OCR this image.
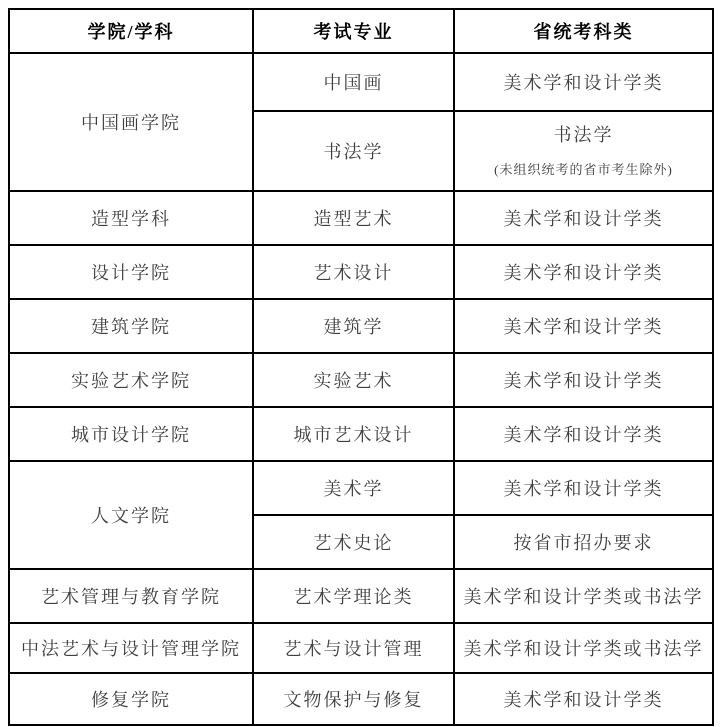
学院/学科	考试专业	省统考科类
中国画学院	中国画	美术学和设计学类
	书法学	书法学
(未组织统考的省市考生除外)

造型学科	造型艺术	美术学和设计学类
设计学院	艺术设计	美术学和设计学类
建筑学院	建筑学	美术学和设计学类
实验艺术学院	实验艺术	美术学和设计学类
城市设计学院	城市艺术设计	美术学和设计学类
人文学院	美术学	美术学和设计学类
	艺术史论	按省市招办要求
艺术管理与教育学院	艺术学理论类	美术学和设计学类或书法学
中法艺术与设计管理学院	艺术与设计管理	美术学和设计学类或书法学
修复学院	文物保护与修复	美术学和设计学类
